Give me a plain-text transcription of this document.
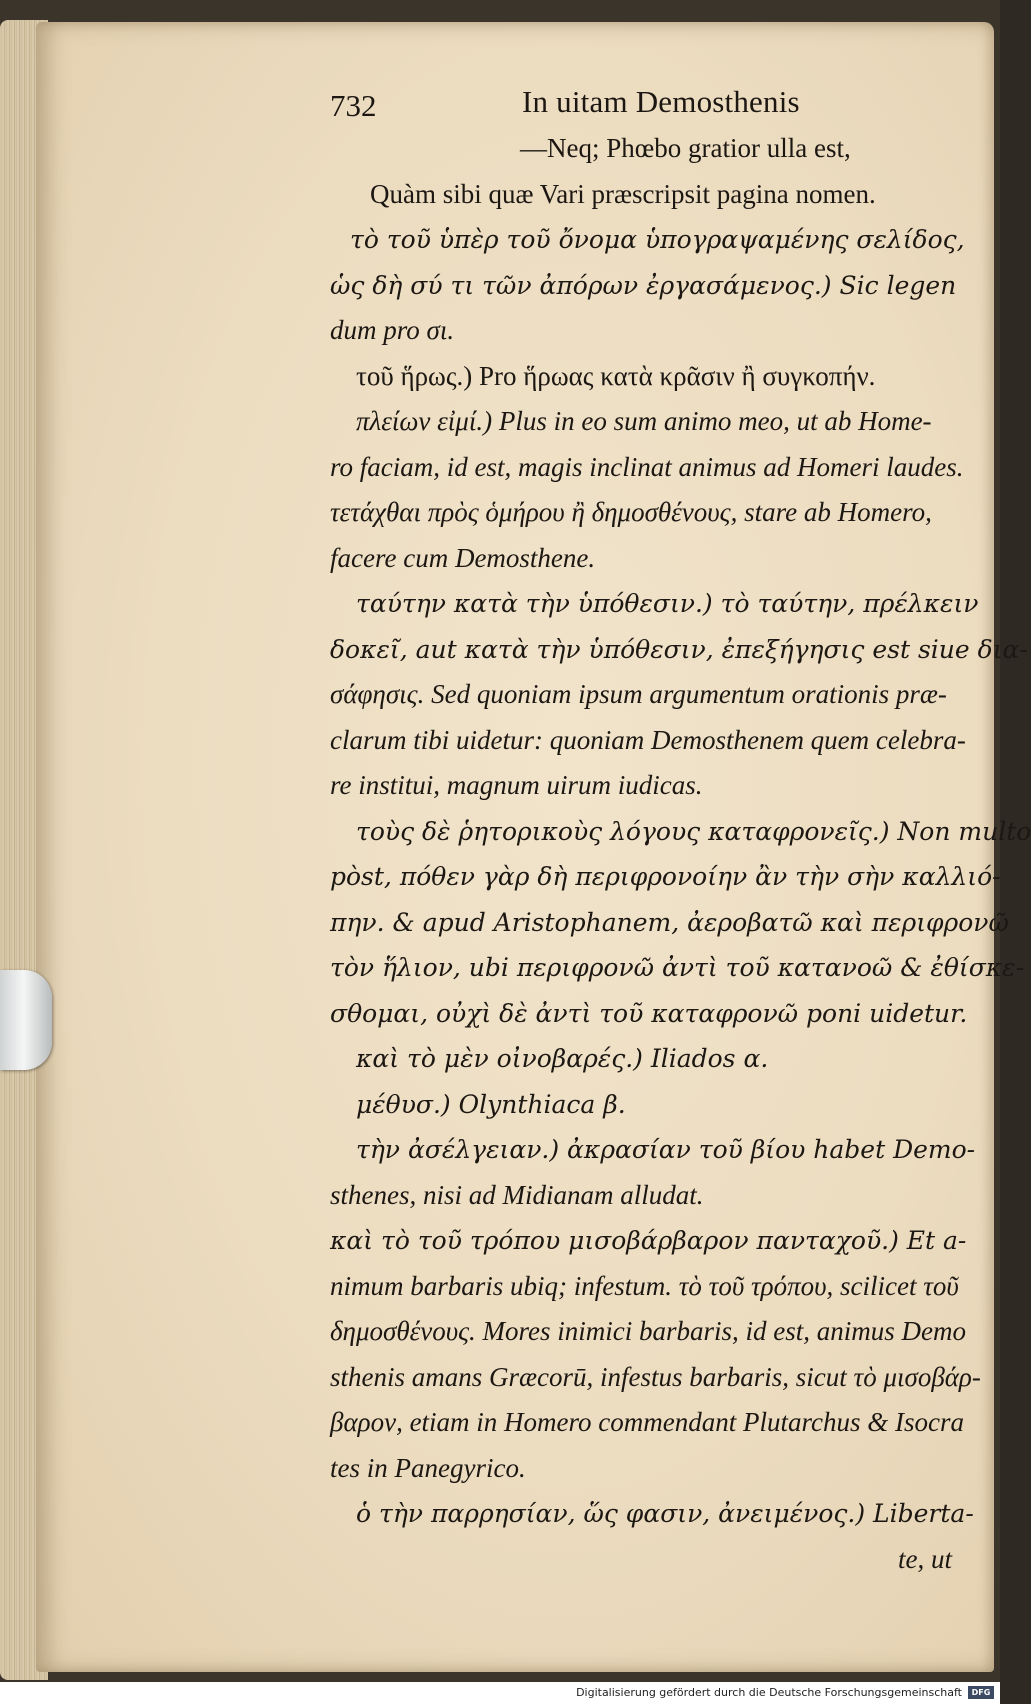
732	In uitam Demosthenis
—Neq; Phœbo gratior ulla est,
Quàm sibi quæ Vari præscripsit pagina nomen.
τὸ τοῦ ὑπὲρ τοῦ ὄνομα ὑπογραψαμένης σελίδος,
ὡς δὴ σύ τι τῶν ἀπόρων ἐργασάμενος.) Sic legen
dum pro σι.
τοῦ ἥρως.) Pro ἥρωας κατὰ κρᾶσιν ἢ συγκοπήν.
πλείων εἰμί.) Plus in eo sum animo meo, ut ab Home-
ro faciam, id est, magis inclinat animus ad Homeri laudes.
τετάχθαι πρὸς ὁμήρου ἢ δημοσθένους, stare ab Homero,
facere cum Demosthene.
ταύτην κατὰ τὴν ὑπόθεσιν.) τὸ ταύτην, πρέλκειν
δοκεῖ, aut κατὰ τὴν ὑπόθεσιν, ἐπεξήγησις est siue δια-
σάφησις. Sed quoniam ipsum argumentum orationis præ-
clarum tibi uidetur: quoniam Demosthenem quem celebra-
re institui, magnum uirum iudicas.
τοὺς δὲ ῥητορικοὺς λόγους καταφρονεῖς.) Non multo
pòst, πόθεν γὰρ δὴ περιφρονοίην ἂν τὴν σὴν καλλιό-
πην. & apud Aristophanem, ἀεροβατῶ καὶ περιφρονῶ
τὸν ἥλιον, ubi περιφρονῶ ἀντὶ τοῦ κατανοῶ & ἐθίσκε-
σθομαι, οὐχὶ δὲ ἀντὶ τοῦ καταφρονῶ poni uidetur.
καὶ τὸ μὲν οἰνοβαρές.) Iliados α.
μέθυσ.) Olynthiaca β.
τὴν ἀσέλγειαν.) ἀκρασίαν τοῦ βίου habet Demo-
sthenes, nisi ad Midianam alludat.
καὶ τὸ τοῦ τρόπου μισοβάρβαρον πανταχοῦ.) Et a-
nimum barbaris ubiq; infestum. τὸ τοῦ τρόπου, scilicet τοῦ
δημοσθένους. Mores inimici barbaris, id est, animus Demo
sthenis amans Græcorū, infestus barbaris, sicut τὸ μισοβάρ-
βαρον, etiam in Homero commendant Plutarchus & Isocra
tes in Panegyrico.
ὁ τὴν παρρησίαν, ὥς φασιν, ἀνειμένος.) Liberta-
te, ut
Digitalisierung gefördert durch die Deutsche Forschungsgemeinschaft	DFG
